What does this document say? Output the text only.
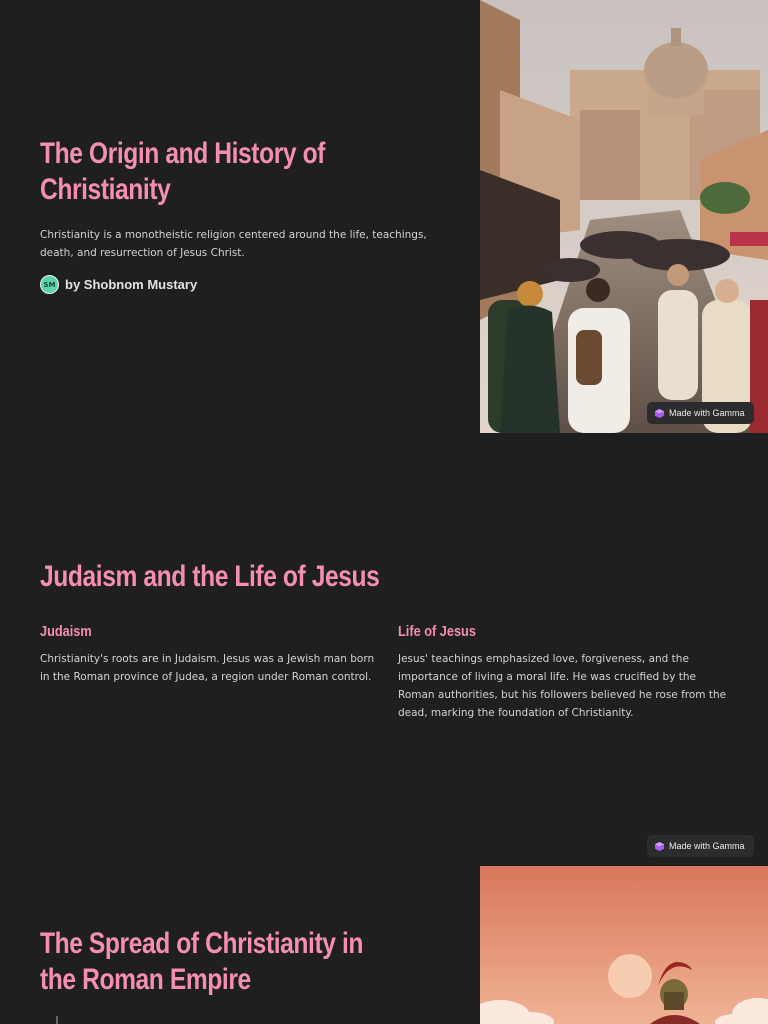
The Origin and History of Christianity

Christianity is a monotheistic religion centered around the life, teachings, death, and resurrection of Jesus Christ.

SM by Shobnom Mustary
Made with Gamma
Judaism and the Life of Jesus
Judaism

Christianity's roots are in Judaism. Jesus was a Jewish man born in the Roman province of Judea, a region under Roman control.

Life of Jesus

Jesus' teachings emphasized love, forgiveness, and the importance of living a moral life. He was crucified by the Roman authorities, but his followers believed he rose from the dead, marking the foundation of Christianity.

Made with Gamma
The Spread of Christianity in the Roman Empire
